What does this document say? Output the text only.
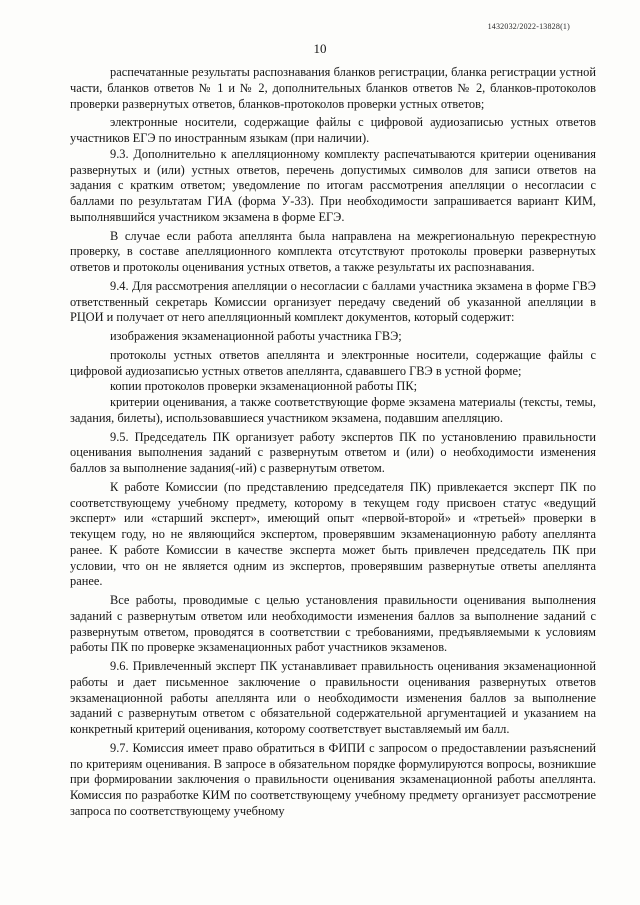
1432032/2022-13828(1)
10

распечатанные результаты распознавания бланков регистрации, бланка регистрации устной части, бланков ответов № 1 и № 2, дополнительных бланков ответов № 2, бланков-протоколов проверки развернутых ответов, бланков-протоколов проверки устных ответов;

электронные носители, содержащие файлы с цифровой аудиозаписью устных ответов участников ЕГЭ по иностранным языкам (при наличии).

9.3. Дополнительно к апелляционному комплекту распечатываются критерии оценивания развернутых и (или) устных ответов, перечень допустимых символов для записи ответов на задания с кратким ответом; уведомление по итогам рассмотрения апелляции о несогласии с баллами по результатам ГИА (форма У-33). При необходимости запрашивается вариант КИМ, выполнявшийся участником экзамена в форме ЕГЭ.

В случае если работа апеллянта была направлена на межрегиональную перекрестную проверку, в составе апелляционного комплекта отсутствуют протоколы проверки развернутых ответов и протоколы оценивания устных ответов, а также результаты их распознавания.

9.4. Для рассмотрения апелляции о несогласии с баллами участника экзамена в форме ГВЭ ответственный секретарь Комиссии организует передачу сведений об указанной апелляции в РЦОИ и получает от него апелляционный комплект документов, который содержит:

изображения экзаменационной работы участника ГВЭ;

протоколы устных ответов апеллянта и электронные носители, содержащие файлы с цифровой аудиозаписью устных ответов апеллянта, сдававшего ГВЭ в устной форме;

копии протоколов проверки экзаменационной работы ПК;

критерии оценивания, а также соответствующие форме экзамена материалы (тексты, темы, задания, билеты), использовавшиеся участником экзамена, подавшим апелляцию.

9.5. Председатель ПК организует работу экспертов ПК по установлению правильности оценивания выполнения заданий с развернутым ответом и (или) о необходимости изменения баллов за выполнение задания(-ий) с развернутым ответом.

К работе Комиссии (по представлению председателя ПК) привлекается эксперт ПК по соответствующему учебному предмету, которому в текущем году присвоен статус «ведущий эксперт» или «старший эксперт», имеющий опыт «первой-второй» и «третьей» проверки в текущем году, но не являющийся экспертом, проверявшим экзаменационную работу апеллянта ранее. К работе Комиссии в качестве эксперта может быть привлечен председатель ПК при условии, что он не является одним из экспертов, проверявшим развернутые ответы апеллянта ранее.

Все работы, проводимые с целью установления правильности оценивания выполнения заданий с развернутым ответом или необходимости изменения баллов за выполнение заданий с развернутым ответом, проводятся в соответствии с требованиями, предъявляемыми к условиям работы ПК по проверке экзаменационных работ участников экзаменов.

9.6. Привлеченный эксперт ПК устанавливает правильность оценивания экзаменационной работы и дает письменное заключение о правильности оценивания развернутых ответов экзаменационной работы апеллянта или о необходимости изменения баллов за выполнение заданий с развернутым ответом с обязательной содержательной аргументацией и указанием на конкретный критерий оценивания, которому соответствует выставляемый им балл.

9.7. Комиссия имеет право обратиться в ФИПИ с запросом о предоставлении разъяснений по критериям оценивания. В запросе в обязательном порядке формулируются вопросы, возникшие при формировании заключения о правильности оценивания экзаменационной работы апеллянта. Комиссия по разработке КИМ по соответствующему учебному предмету организует рассмотрение запроса по соответствующему учебному
